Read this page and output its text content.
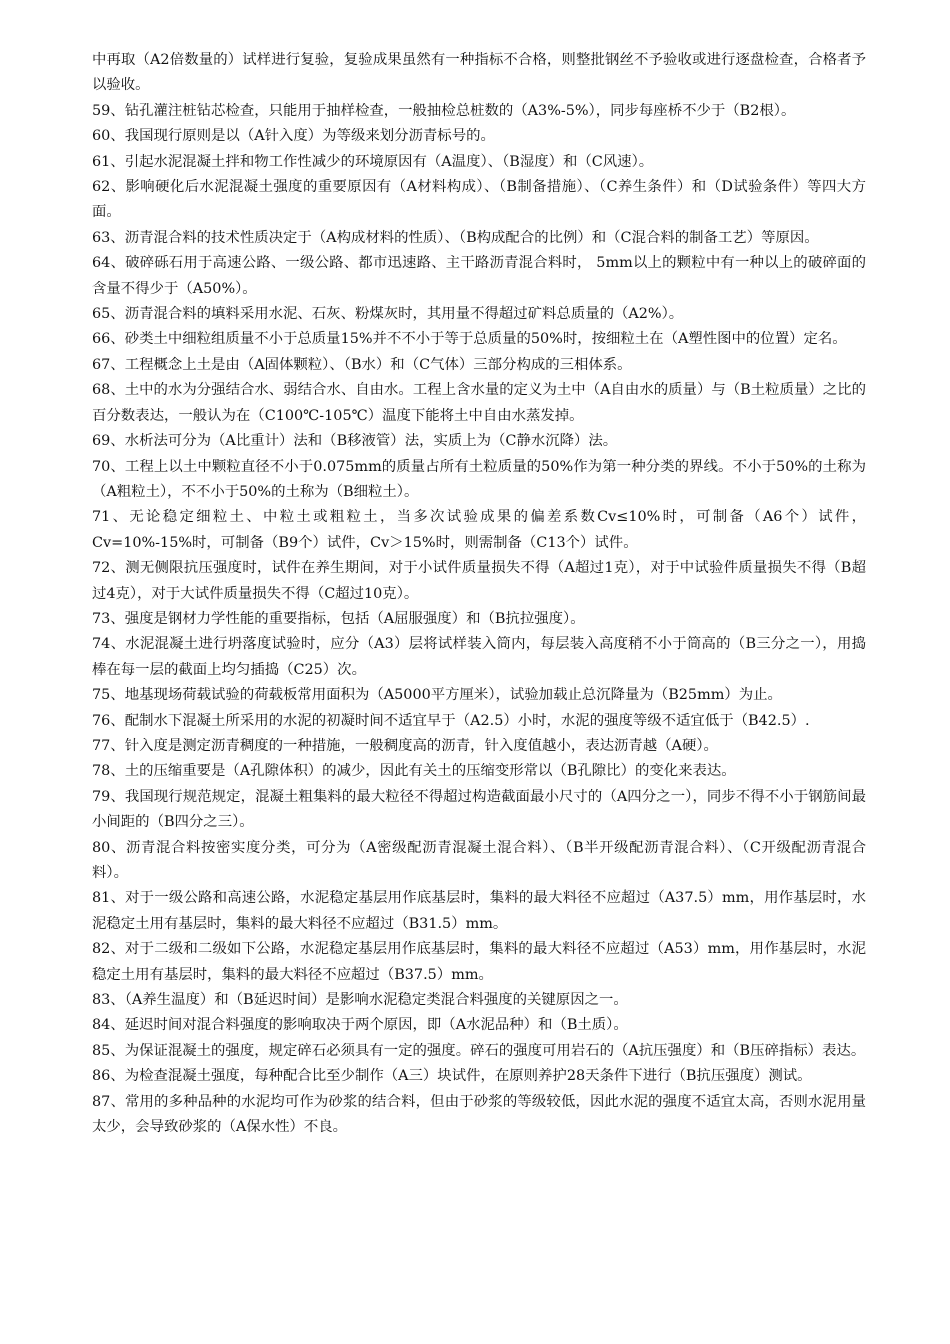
中再取（A2倍数量的）试样进行复验，复验成果虽然有一种指标不合格，则整批钢丝不予验收或进行逐盘检查，合格者予以验收。

59、钻孔灌注桩钻芯检查，只能用于抽样检查，一般抽检总桩数的（A3%-5%），同步每座桥不少于（B2根）。

60、我国现行原则是以（A针入度）为等级来划分沥青标号的。

61、引起水泥混凝土拌和物工作性减少的环境原因有（A温度）、（B湿度）和（C风速）。

62、影响硬化后水泥混凝土强度的重要原因有（A材料构成）、（B制备措施）、（C养生条件）和（D试验条件）等四大方面。

63、沥青混合料的技术性质决定于（A构成材料的性质）、（B构成配合的比例）和（C混合料的制备工艺）等原因。

64、破碎砾石用于高速公路、一级公路、都市迅速路、主干路沥青混合料时， 5mm以上的颗粒中有一种以上的破碎面的含量不得少于（A50%）。

65、沥青混合料的填料采用水泥、石灰、粉煤灰时，其用量不得超过矿料总质量的（A2%）。

66、砂类土中细粒组质量不小于总质量15%并不不小于等于总质量的50%时，按细粒土在（A塑性图中的位置）定名。

67、工程概念上土是由（A固体颗粒）、（B水）和（C气体）三部分构成的三相体系。

68、土中的水为分强结合水、弱结合水、自由水。工程上含水量的定义为土中（A自由水的质量）与（B土粒质量）之比的百分数表达，一般认为在（C100℃-105℃）温度下能将土中自由水蒸发掉。

69、水析法可分为（A比重计）法和（B移液管）法，实质上为（C静水沉降）法。

70、工程上以土中颗粒直径不小于0.075mm的质量占所有土粒质量的50%作为第一种分类的界线。不小于50%的土称为（A粗粒土），不不小于50%的土称为（B细粒土）。

71、无论稳定细粒土、中粒土或粗粒土，当多次试验成果的偏差系数Cv≤10%时，可制备（A6个）试件，Cv=10%-15%时，可制备（B9个）试件，Cv＞15%时，则需制备（C13个）试件。

72、测无侧限抗压强度时，试件在养生期间，对于小试件质量损失不得（A超过1克），对于中试验件质量损失不得（B超过4克），对于大试件质量损失不得（C超过10克）。

73、强度是钢材力学性能的重要指标，包括（A屈服强度）和（B抗拉强度）。

74、水泥混凝土进行坍落度试验时，应分（A3）层将试样装入筒内，每层装入高度稍不小于筒高的（B三分之一），用捣棒在每一层的截面上均匀插捣（C25）次。

75、地基现场荷载试验的荷载板常用面积为（A5000平方厘米），试验加载止总沉降量为（B25mm）为止。

76、配制水下混凝土所采用的水泥的初凝时间不适宜早于（A2.5）小时，水泥的强度等级不适宜低于（B42.5）.

77、针入度是测定沥青稠度的一种措施，一般稠度高的沥青，针入度值越小，表达沥青越（A硬）。

78、土的压缩重要是（A孔隙体积）的减少，因此有关土的压缩变形常以（B孔隙比）的变化来表达。

79、我国现行规范规定，混凝土粗集料的最大粒径不得超过构造截面最小尺寸的（A四分之一），同步不得不小于钢筋间最小间距的（B四分之三）。

80、沥青混合料按密实度分类，可分为（A密级配沥青混凝土混合料）、（B半开级配沥青混合料）、（C开级配沥青混合料）。

81、对于一级公路和高速公路，水泥稳定基层用作底基层时，集料的最大料径不应超过（A37.5）mm，用作基层时，水泥稳定土用有基层时，集料的最大料径不应超过（B31.5）mm。

82、对于二级和二级如下公路，水泥稳定基层用作底基层时，集料的最大料径不应超过（A53）mm，用作基层时，水泥稳定土用有基层时，集料的最大料径不应超过（B37.5）mm。

83、（A养生温度）和（B延迟时间）是影响水泥稳定类混合料强度的关键原因之一。

84、延迟时间对混合料强度的影响取决于两个原因，即（A水泥品种）和（B土质）。

85、为保证混凝土的强度，规定碎石必须具有一定的强度。碎石的强度可用岩石的（A抗压强度）和（B压碎指标）表达。

86、为检查混凝土强度，每种配合比至少制作（A三）块试件，在原则养护28天条件下进行（B抗压强度）测试。

87、常用的多种品种的水泥均可作为砂浆的结合料，但由于砂浆的等级较低，因此水泥的强度不适宜太高，否则水泥用量太少，会导致砂浆的（A保水性）不良。
